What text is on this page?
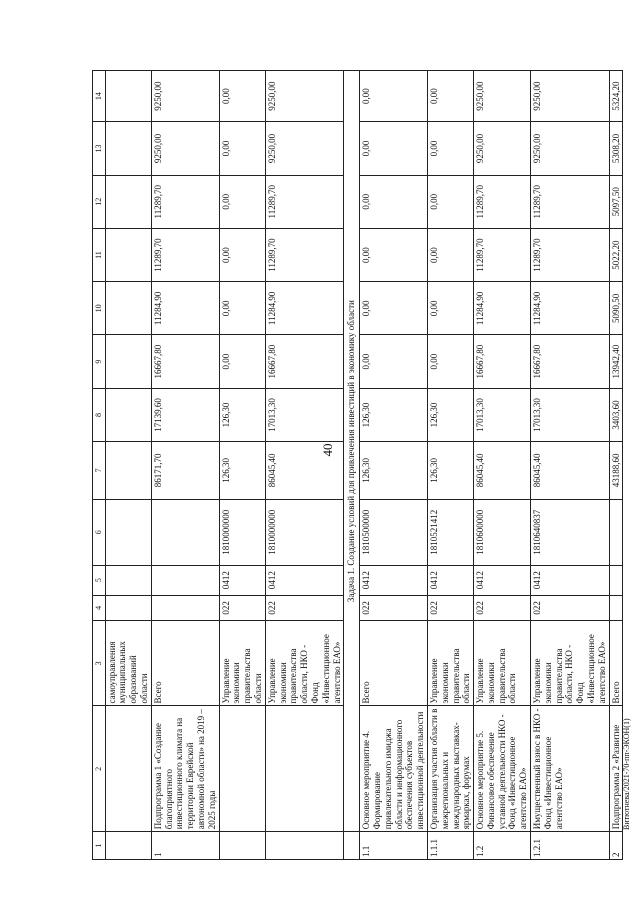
40
1	2	3	4	5	6	7	8	9	10	11	12	13	14
		самоуправления муниципальных образований области											
1	Подпрограмма 1 «Создание благоприятного инвестиционного климата на территории Еврейской автономной области» на 2019 – 2025 годы	Всего				86171,70	17139,60	16667,80	11284,90	11289,70	11289,70	9250,00	9250,00
		Управление экономики правительства области	022	0412	1810000000	126,30	126,30	0,00	0,00	0,00	0,00	0,00	0,00
		Управление экономики правительства области, НКО - Фонд «Инвестиционное агентство ЕАО»	022	0412	1810000000	86045,40	17013,30	16667,80	11284,90	11289,70	11289,70	9250,00	9250,00
	Задача 1. Создание условий для привлечения инвестиций в экономику области												
1.1	Основное мероприятие 4. Формирование привлекательного имиджа области и информационного обеспечения субъектов инвестиционной деятельности	Всего	022	0412	1810500000	126,30	126,30	0,00	0,00	0,00	0,00	0,00	0,00
1.1.1	Организация участия области в межрегиональных и международных выставках-ярмарках, форумах	Управление экономики правительства области	022	0412	1810521412	126,30	126,30	0,00	0,00	0,00	0,00	0,00	0,00
1.2	Основное мероприятие 5. Финансовое обеспечение уставной деятельности НКО - Фонд «Инвестиционное агентство ЕАО»	Управление экономики правительства области	022	0412	1810600000	86045,40	17013,30	16667,80	11284,90	11289,70	11289,70	9250,00	9250,00
1.2.1	Имущественный взнос в НКО - Фонд «Инвестиционное агентство ЕАО»	Управление экономики правительства области, НКО - Фонд «Инвестиционное агентство ЕАО»	022	0412	1810640837	86045,40	17013,30	16667,80	11284,90	11289,70	11289,70	9250,00	9250,00
2	Подпрограмма 2 «Развитие	Всего				43188,60	3403,60	13942,40	5090,50	5022,20	5097,50	5308,20	5324,20
Витютнева/2021-70-пп-ЭКОН(1)
